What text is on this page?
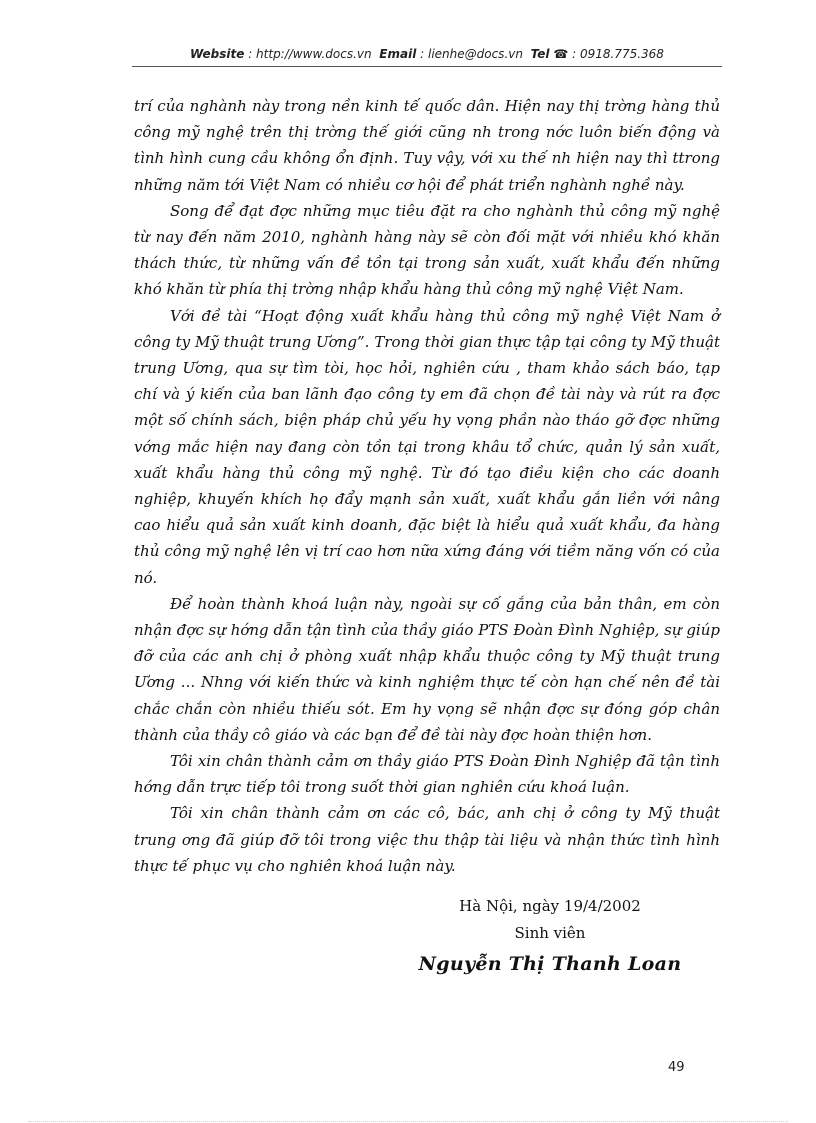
Website : http://www.docs.vn Email : lienhe@docs.vn Tel ☎ : 0918.775.368

trí của nghành này trong nền kinh tế quốc dân. Hiện nay thị trờng hàng thủ công mỹ nghệ trên thị trờng thế giới cũng nh trong nớc luôn biến động và tình hình cung cầu không ổn định. Tuy vậy, với xu thế nh hiện nay thì ttrong những năm tới Việt Nam có nhiều cơ hội để phát triển nghành nghề này.

Song để đạt đợc những mục tiêu đặt ra cho nghành thủ công mỹ nghệ từ nay đến năm 2010, nghành hàng này sẽ còn đối mặt với nhiều khó khăn thách thức, từ những vấn đề tồn tại trong sản xuất, xuất khẩu đến những khó khăn từ phía thị trờng nhập khẩu hàng thủ công mỹ nghệ Việt Nam.

Với đề tài “Hoạt động xuất khẩu hàng thủ công mỹ nghệ Việt Nam ở công ty Mỹ thuật trung Ương”. Trong thời gian thực tập tại công ty Mỹ thuật trung Ương, qua sự tìm tòi, học hỏi, nghiên cứu , tham khảo sách báo, tạp chí và ý kiến của ban lãnh đạo công ty em đã chọn đề tài này và rút ra đợc một số chính sách, biện pháp chủ yếu hy vọng phần nào tháo gỡ đợc những vớng mắc hiện nay đang còn tồn tại trong khâu tổ chức, quản lý sản xuất, xuất khẩu hàng thủ công mỹ nghệ. Từ đó tạo điều kiện cho các doanh nghiệp, khuyến khích họ đẩy mạnh sản xuất, xuất khẩu gắn liền với nâng cao hiểu quả sản xuất kinh doanh, đặc biệt là hiểu quả xuất khẩu, đa hàng thủ công mỹ nghệ lên vị trí cao hơn nữa xứng đáng với tiềm năng vốn có của nó.

Để hoàn thành khoá luận này, ngoài sự cố gắng của bản thân, em còn nhận đợc sự hớng dẫn tận tình của thầy giáo PTS Đoàn Đình Nghiệp, sự giúp đỡ của các anh chị ở phòng xuất nhập khẩu thuộc công ty Mỹ thuật trung Ương ... Nhng với kiến thức và kinh nghiệm thực tế còn hạn chế nên đề tài chắc chắn còn nhiều thiếu sót. Em hy vọng sẽ nhận đợc sự đóng góp chân thành của thầy cô giáo và các bạn để đề tài này đợc hoàn thiện hơn.

Tôi xin chân thành cảm ơn thầy giáo PTS Đoàn Đình Nghiệp đã tận tình hớng dẫn trực tiếp tôi trong suốt thời gian nghiên cứu khoá luận.

Tôi xin chân thành cảm ơn các cô, bác, anh chị ở công ty Mỹ thuật trung ơng đã giúp đỡ tôi trong việc thu thập tài liệu và nhận thức tình hình thực tế phục vụ cho nghiên khoá luận này.

Hà Nội, ngày 19/4/2002
Sinh viên
Nguyễn Thị Thanh Loan
49
